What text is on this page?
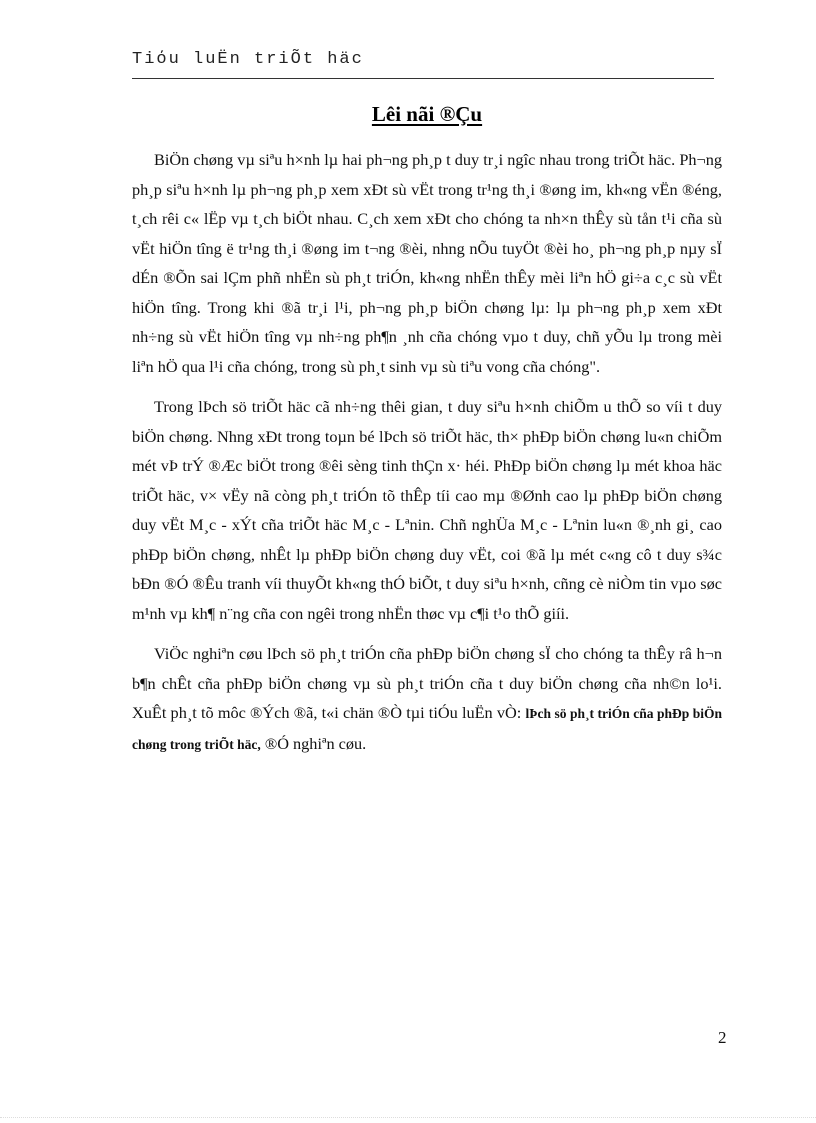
Tiόu luËn triÕt häc
Lêi nãi ®Çu

BiÖn chøng vµ siªu h×nh lµ hai ph¬ng ph¸p t duy tr¸i ngîc nhau trong triÕt häc. Ph¬ng ph¸p siªu h×nh lµ ph¬ng ph¸p xem xÐt sù vËt trong tr¹ng th¸i ®øng im, kh«ng vËn ®éng, t¸ch rêi c« lËp vµ t¸ch biÖt nhau. C¸ch xem xÐt cho chóng ta nh×n thÊy sù tån t¹i cña sù vËt hiÖn tîng ë tr¹ng th¸i ®øng im t¬ng ®èi, nhng nÕu tuyÖt ®èi ho¸ ph¬ng ph¸p nµy sÏ dÉn ®Õn sai lÇm phñ nhËn sù ph¸t triÓn, kh«ng nhËn thÊy mèi liªn hÖ gi÷a c¸c sù vËt hiÖn tîng. Trong khi ®ã tr¸i l¹i, ph¬ng ph¸p biÖn chøng lµ: lµ ph¬ng ph¸p xem xÐt nh÷ng sù vËt hiÖn tîng vµ nh÷ng ph¶n ¸nh cña chóng vµo t duy, chñ yÕu lµ trong mèi liªn hÖ qua l¹i cña chóng, trong sù ph¸t sinh vµ sù tiªu vong cña chóng".

Trong lÞch sö triÕt häc cã nh÷ng thêi gian, t duy siªu h×nh chiÕm u thÕ so víi t duy biÖn chøng. Nhng xÐt trong toµn bé lÞch sö triÕt häc, th× phÐp biÖn chøng lu«n chiÕm mét vÞ trÝ ®Æc biÖt trong ®êi sèng tinh thÇn x· héi. PhÐp biÖn chøng lµ mét khoa häc triÕt häc, v× vËy nã còng ph¸t triÓn tõ thÊp tíi cao mµ ®Ønh cao lµ phÐp biÖn chøng duy vËt M¸c - xÝt cña triÕt häc M¸c - Lªnin. Chñ nghÜa M¸c - Lªnin lu«n ®¸nh gi¸ cao phÐp biÖn chøng, nhÊt lµ phÐp biÖn chøng duy vËt, coi ®ã lµ mét c«ng cô t duy s¾c bÐn ®Ó ®Êu tranh víi thuyÕt kh«ng thÓ biÕt, t duy siªu h×nh, cñng cè niÒm tin vµo søc m¹nh vµ kh¶ n¨ng cña con ngêi trong nhËn thøc vµ c¶i t¹o thÕ giíi.

ViÖc nghiªn cøu lÞch sö ph¸t triÓn cña phÐp biÖn chøng sÏ cho chóng ta thÊy râ h¬n b¶n chÊt cña phÐp biÖn chøng vµ sù ph¸t triÓn cña t duy biÖn chøng cña nh©n lo¹i. XuÊt ph¸t tõ môc ®Ých ®ã, t«i chän ®Ò tµi tiÓu luËn vÒ: lÞch sö ph¸t triÓn cña phÐp biÖn chøng trong triÕt häc, ®Ó nghiªn cøu.

2
